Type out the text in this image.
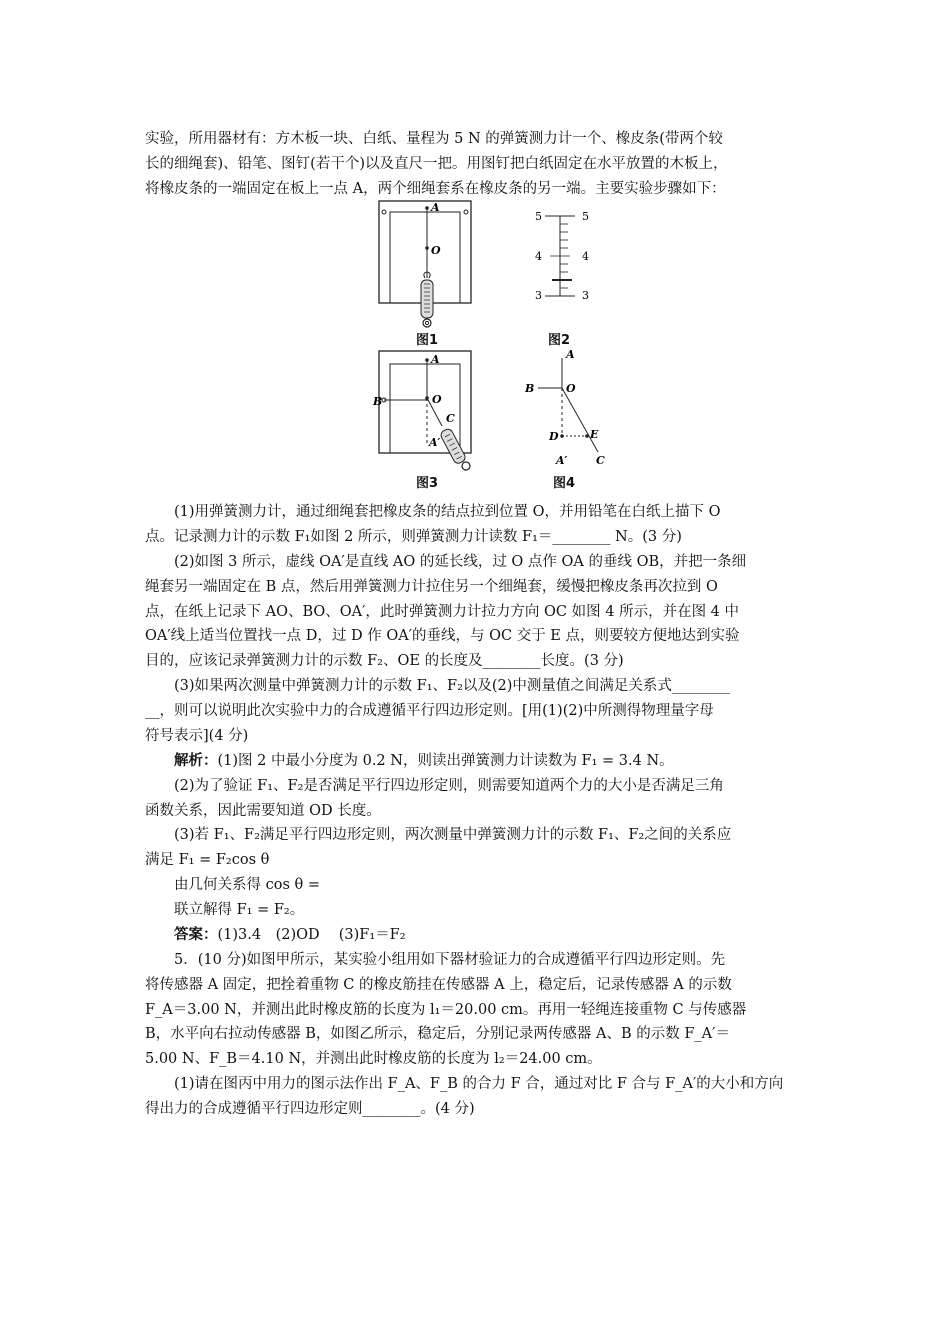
实验，所用器材有：方木板一块、白纸、量程为 5 N 的弹簧测力计一个、橡皮条(带两个较
长的细绳套)、铅笔、图钉(若干个)以及直尺一把。用图钉把白纸固定在水平放置的木板上，
将橡皮条的一端固定在板上一点 A，两个细绳套系在橡皮条的另一端。主要实验步骤如下：
A
O
5
4
3
5
4
3
A
B	O
C
A′
A
B	O
D	E
A′	C
图1	图2
图3	图4
(1)用弹簧测力计，通过细绳套把橡皮条的结点拉到位置 O，并用铅笔在白纸上描下 O
点。记录测力计的示数 F₁如图 2 所示，则弹簧测力计读数 F₁＝________ N。(3 分)
(2)如图 3 所示，虚线 OA′是直线 AO 的延长线，过 O 点作 OA 的垂线 OB，并把一条细
绳套另一端固定在 B 点，然后用弹簧测力计拉住另一个细绳套，缓慢把橡皮条再次拉到 O
点，在纸上记录下 AO、BO、OA′，此时弹簧测力计拉力方向 OC 如图 4 所示，并在图 4 中
OA′线上适当位置找一点 D，过 D 作 OA′的垂线，与 OC 交于 E 点，则要较方便地达到实验
目的，应该记录弹簧测力计的示数 F₂、OE 的长度及________长度。(3 分)
(3)如果两次测量中弹簧测力计的示数 F₁、F₂以及(2)中测量值之间满足关系式________
__，则可以说明此次实验中力的合成遵循平行四边形定则。[用(1)(2)中所测得物理量字母
符号表示](4 分)
解析：(1)图 2 中最小分度为 0.2 N，则读出弹簧测力计读数为 F₁ = 3.4 N。
(2)为了验证 F₁、F₂是否满足平行四边形定则，则需要知道两个力的大小是否满足三角
函数关系，因此需要知道 OD 长度。
(3)若 F₁、F₂满足平行四边形定则，两次测量中弹簧测力计的示数 F₁、F₂之间的关系应
满足 F₁ = F₂cos θ
由几何关系得 cos θ =
联立解得 F₁ = F₂。
答案：(1)3.4　(2)OD　 (3)F₁＝F₂
5．(10 分)如图甲所示，某实验小组用如下器材验证力的合成遵循平行四边形定则。先
将传感器 A 固定，把拴着重物 C 的橡皮筋挂在传感器 A 上，稳定后，记录传感器 A 的示数
F_A＝3.00 N，并测出此时橡皮筋的长度为 l₁＝20.00 cm。再用一轻绳连接重物 C 与传感器
B，水平向右拉动传感器 B，如图乙所示，稳定后，分别记录两传感器 A、B 的示数 F_A′＝
5.00 N、F_B＝4.10 N，并测出此时橡皮筋的长度为 l₂＝24.00 cm。
(1)请在图丙中用力的图示法作出 F_A、F_B 的合力 F 合，通过对比 F 合与 F_A′的大小和方向
得出力的合成遵循平行四边形定则________。(4 分)
